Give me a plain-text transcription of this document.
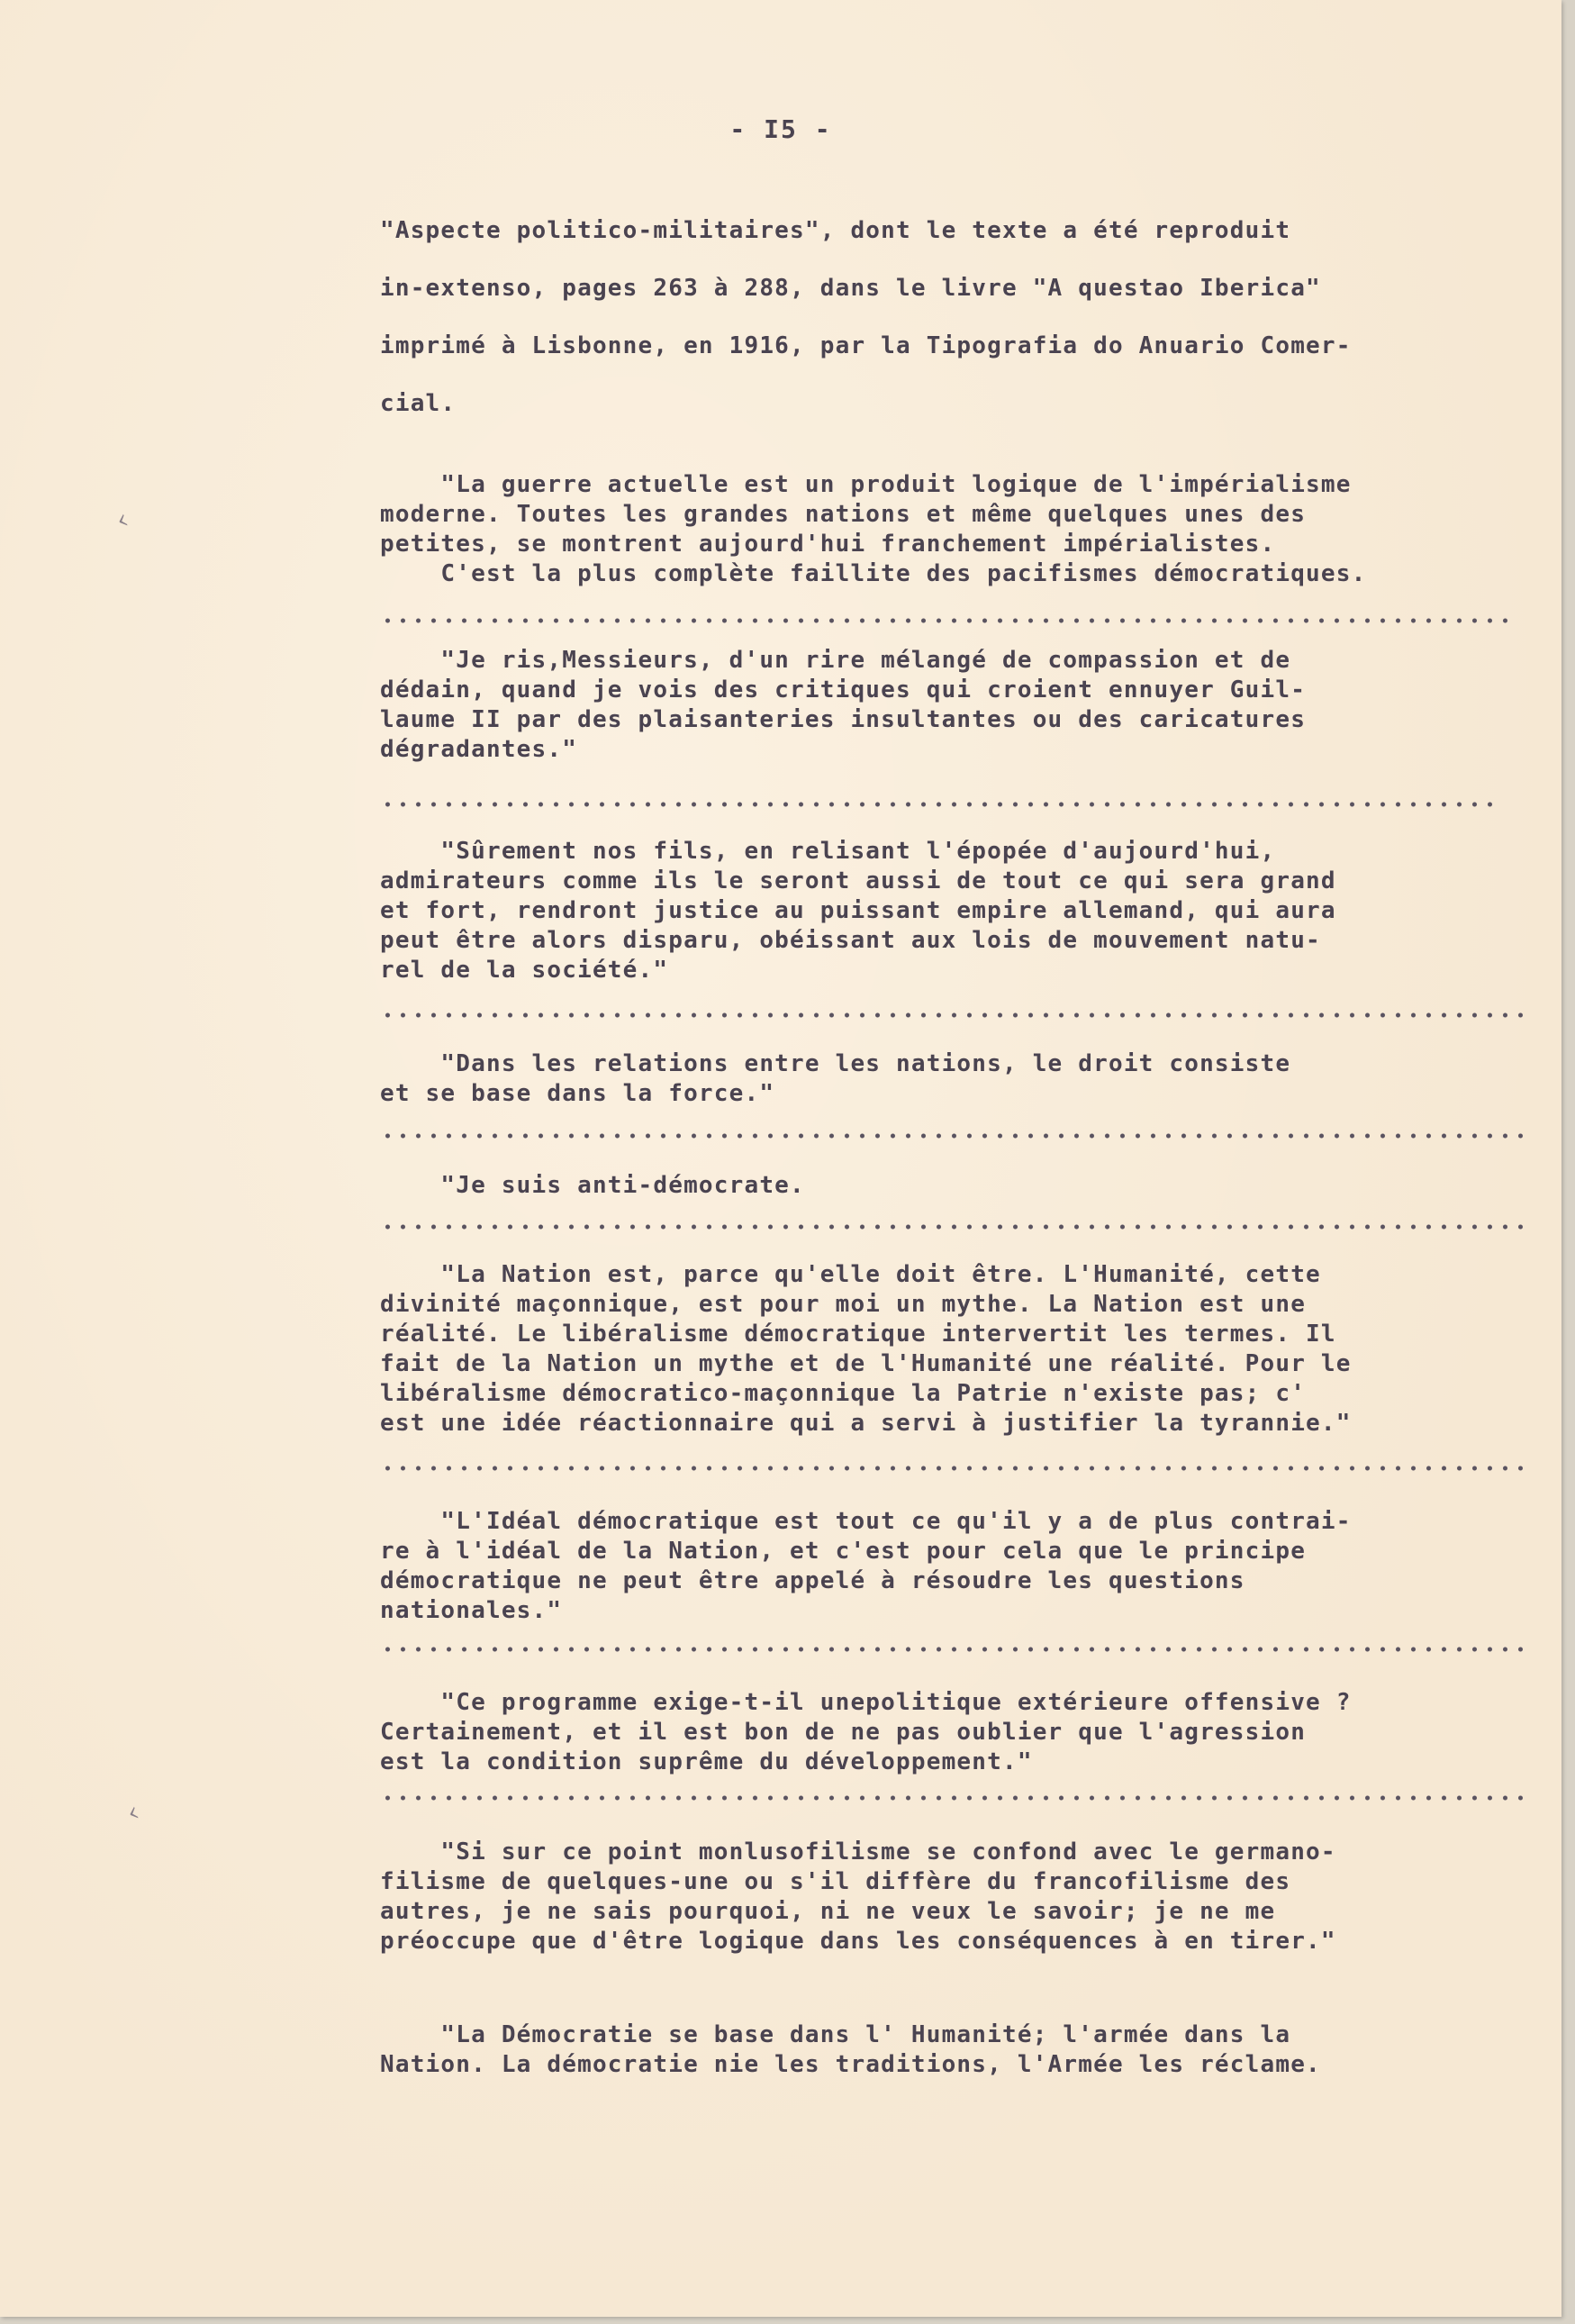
- I5 -
"Aspecte politico-militaires", dont le texte a été reproduit
in-extenso, pages 263 à 288, dans le livre "A questao Iberica"
imprimé à Lisbonne, en 1916, par la Tipografia do Anuario Comer-
cial.
"La guerre actuelle est un produit logique de l'impérialisme
moderne. Toutes les grandes nations et même quelques unes des
petites, se montrent aujourd'hui franchement impérialistes.
C'est la plus complète faillite des pacifismes démocratiques.
"Je ris,Messieurs, d'un rire mélangé de compassion et de
dédain, quand je vois des critiques qui croient ennuyer Guil-
laume II par des plaisanteries insultantes ou des caricatures
dégradantes."
"Sûrement nos fils, en relisant l'épopée d'aujourd'hui,
admirateurs comme ils le seront aussi de tout ce qui sera grand
et fort, rendront justice au puissant empire allemand, qui aura
peut être alors disparu, obéissant aux lois de mouvement natu-
rel de la société."
"Dans les relations entre les nations, le droit consiste
et se base dans la force."
"Je suis anti-démocrate.
"La Nation est, parce qu'elle doit être. L'Humanité, cette
divinité maçonnique, est pour moi un mythe. La Nation est une
réalité. Le libéralisme démocratique intervertit les termes. Il
fait de la Nation un mythe et de l'Humanité une réalité. Pour le
libéralisme démocratico-maçonnique la Patrie n'existe pas; c'
est une idée réactionnaire qui a servi à justifier la tyrannie."
"L'Idéal démocratique est tout ce qu'il y a de plus contrai-
re à l'idéal de la Nation, et c'est pour cela que le principe
démocratique ne peut être appelé à résoudre les questions
nationales."
"Ce programme exige-t-il unepolitique extérieure offensive ?
Certainement, et il est bon de ne pas oublier que l'agression
est la condition suprême du développement."
"Si sur ce point monlusofilisme se confond avec le germano-
filisme de quelques-une ou s'il diffère du francofilisme des
autres, je ne sais pourquoi, ni ne veux le savoir; je ne me
préoccupe que d'être logique dans les conséquences à en tirer."
"La Démocratie se base dans l' Humanité; l'armée dans la
Nation. La démocratie nie les traditions, l'Armée les réclame.
‹
‹
